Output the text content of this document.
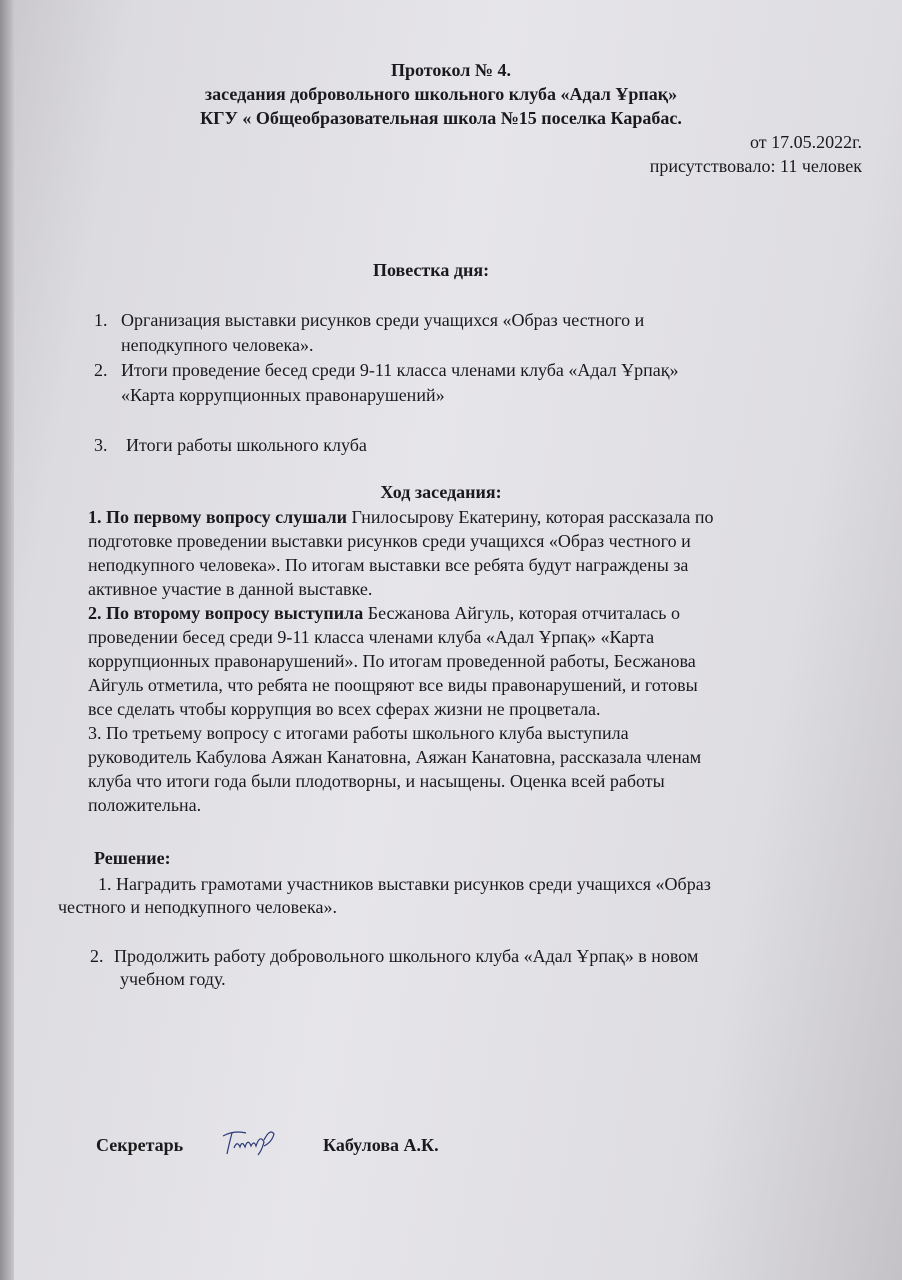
Протокол № 4.
заседания добровольного школьного клуба «Адал Ұрпақ»
КГУ « Общеобразовательная школа №15 поселка Карабас.
от 17.05.2022г.
присутствовало: 11 человек
Повестка дня:
1. Организация выставки рисунков среди учащихся «Образ честного и
неподкупного человека».
2. Итоги проведение бесед среди 9-11 класса членами клуба «Адал Ұрпақ»
«Карта коррупционных правонарушений»
3. Итоги работы школьного клуба
Ход заседания:
1. По первому вопросу слушали Гнилосырову Екатерину, которая рассказала по
подготовке проведении выставки рисунков среди учащихся «Образ честного и
неподкупного человека». По итогам выставки все ребята будут награждены за
активное участие в данной выставке.
2. По второму вопросу выступила Бесжанова Айгуль, которая отчиталась о
проведении бесед среди 9-11 класса членами клуба «Адал Ұрпақ» «Карта
коррупционных правонарушений». По итогам проведенной работы, Бесжанова
Айгуль отметила, что ребята не поощряют все виды правонарушений, и готовы
все сделать чтобы коррупция во всех сферах жизни не процветала.
3. По третьему вопросу с итогами работы школьного клуба выступила
руководитель Кабулова Аяжан Канатовна, Аяжан Канатовна, рассказала членам
клуба что итоги года были плодотворны, и насыщены. Оценка всей работы
положительна.
Решение:
1. Наградить грамотами участников выставки рисунков среди учащихся «Образ
честного и неподкупного человека».
2. Продолжить работу добровольного школьного клуба «Адал Ұрпақ» в новом
учебном году.
Секретарь	Кабулова А.К.
